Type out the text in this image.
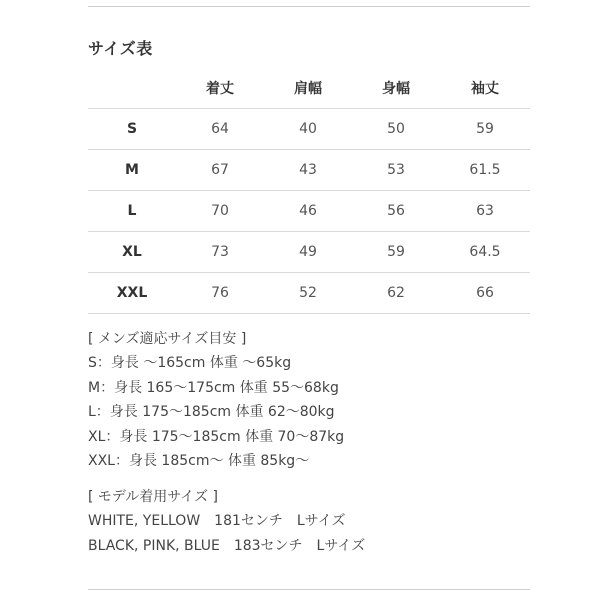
サイズ表
	着丈	肩幅	身幅	袖丈
S	64	40	50	59
M	67	43	53	61.5
L	70	46	56	63
XL	73	49	59	64.5
XXL	76	52	62	66
[ メンズ適応サイズ目安 ]
S：身長 ～165cm 体重 ～65kg
M：身長 165～175cm 体重 55～68kg
L：身長 175～185cm 体重 62～80kg
XL：身長 175～185cm 体重 70～87kg
XXL：身長 185cm～ 体重 85kg～
[ モデル着用サイズ ]
WHITE, YELLOW　181センチ　Lサイズ
BLACK, PINK, BLUE　183センチ　Lサイズ
